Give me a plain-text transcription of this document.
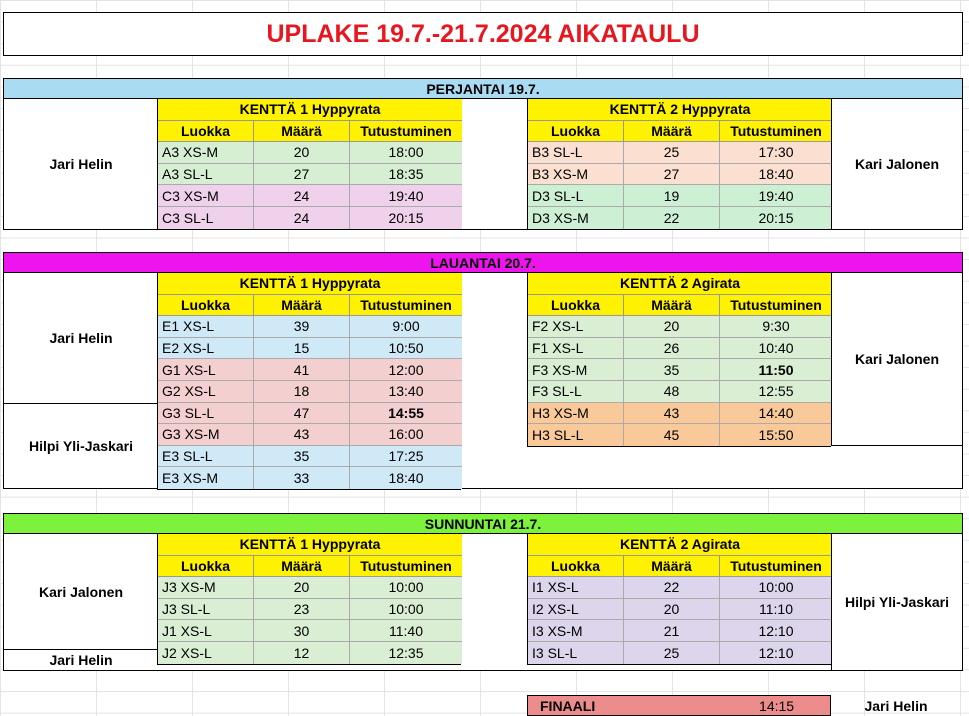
UPLAKE 19.7.-21.7.2024 AIKATAULU
PERJANTAI 19.7.
Jari Helin
KENTTÄ 1 Hyppyrata
Luokka	Määrä	Tutustuminen
A3 XS-M	20	18:00
A3 SL-L	27	18:35
C3 XS-M	24	19:40
C3 SL-L	24	20:15
KENTTÄ 2 Hyppyrata
Luokka	Määrä	Tutustuminen
B3 SL-L	25	17:30
B3 XS-M	27	18:40
D3 SL-L	19	19:40
D3 XS-M	22	20:15
Kari Jalonen
LAUANTAI 20.7.
Jari Helin
Hilpi Yli-Jaskari
KENTTÄ 1 Hyppyrata
Luokka	Määrä	Tutustuminen
E1 XS-L	39	9:00
E2 XS-L	15	10:50
G1 XS-L	41	12:00
G2 XS-L	18	13:40
G3 SL-L	47	14:55
G3 XS-M	43	16:00
E3 SL-L	35	17:25
E3 XS-M	33	18:40
KENTTÄ 2 Agirata
Luokka	Määrä	Tutustuminen
F2 XS-L	20	9:30
F1 XS-L	26	10:40
F3 XS-M	35	11:50
F3 SL-L	48	12:55
H3 XS-M	43	14:40
H3 SL-L	45	15:50
Kari Jalonen
SUNNUNTAI 21.7.
Kari Jalonen
Jari Helin
KENTTÄ 1 Hyppyrata
Luokka	Määrä	Tutustuminen
J3 XS-M	20	10:00
J3 SL-L	23	10:00
J1 XS-L	30	11:40
J2 XS-L	12	12:35
KENTTÄ 2 Agirata
Luokka	Määrä	Tutustuminen
I1 XS-L	22	10:00
I2 XS-L	20	11:10
I3 XS-M	21	12:10
I3 SL-L	25	12:10
Hilpi Yli-Jaskari
FINAALI	14:15	Jari Helin
